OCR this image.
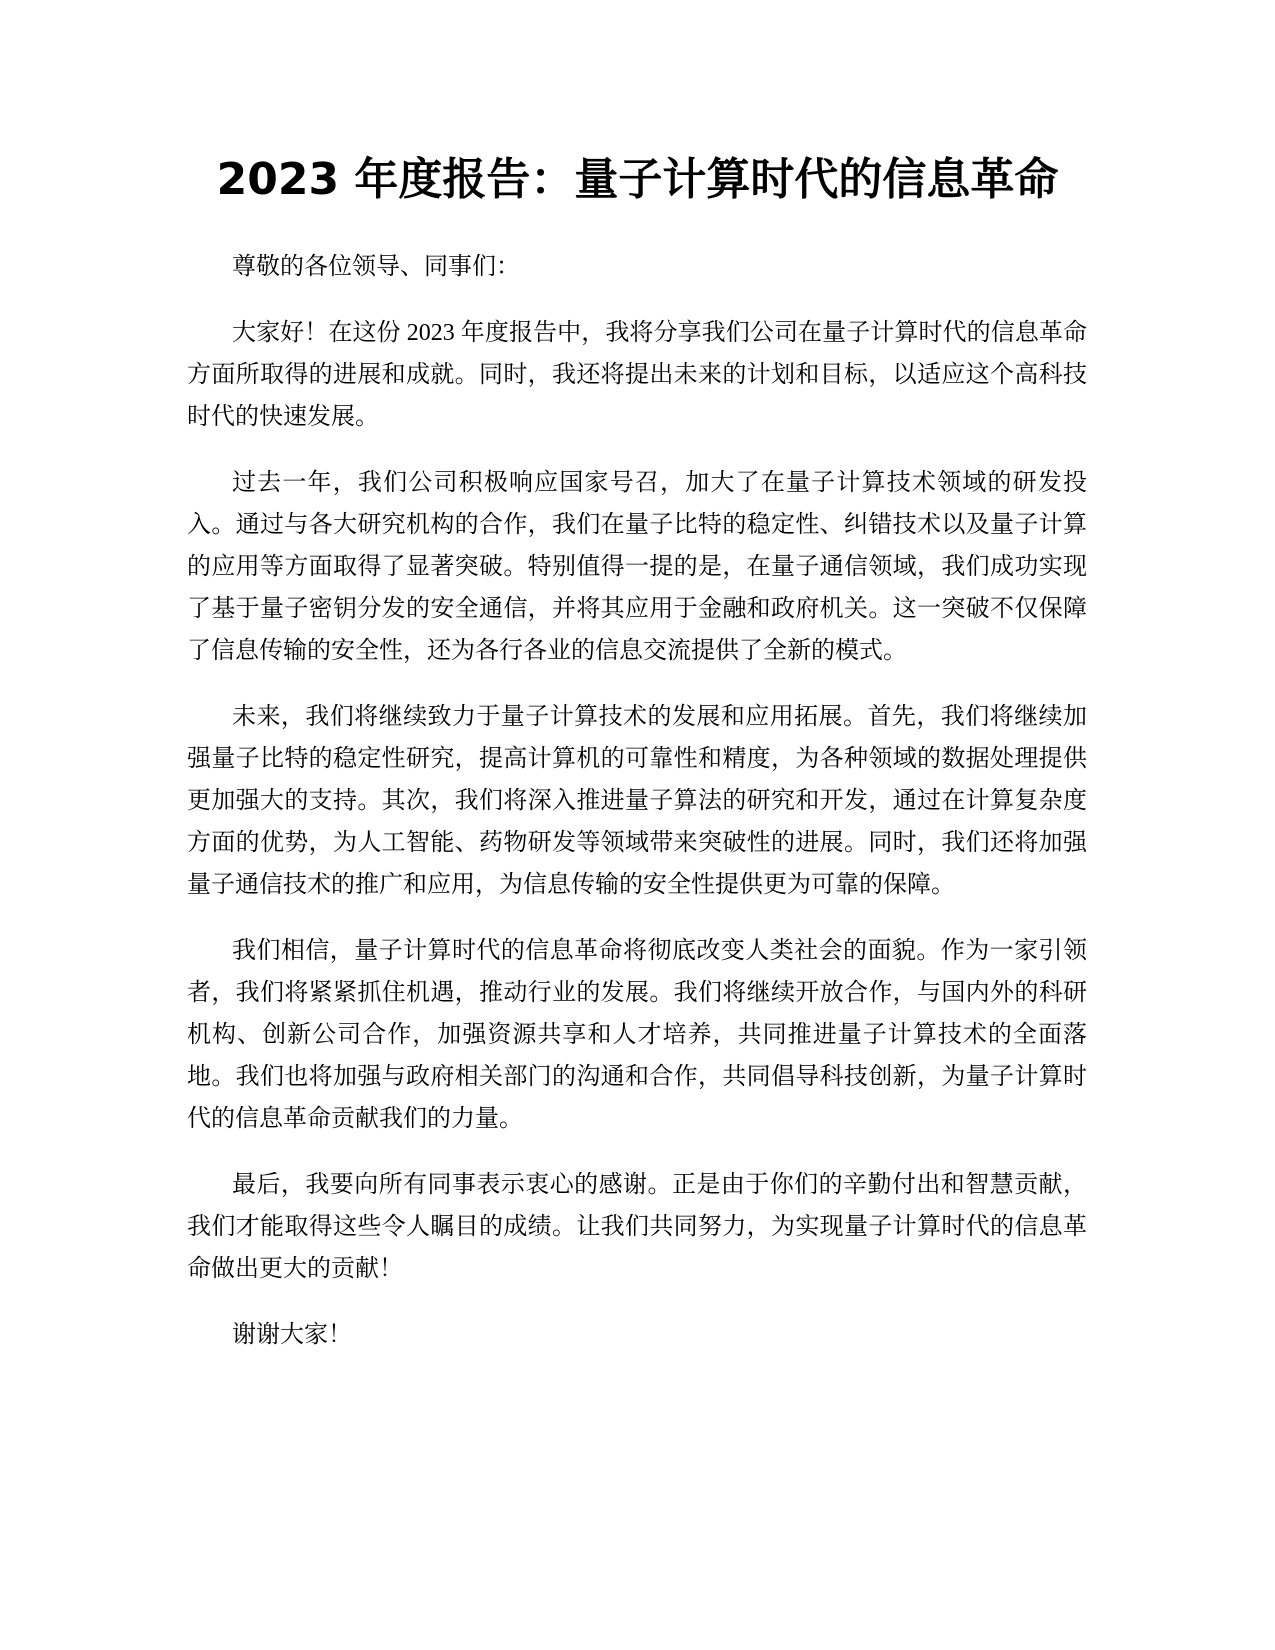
2023 年度报告：量子计算时代的信息革命

尊敬的各位领导、同事们：

大家好！在这份 2023 年度报告中，我将分享我们公司在量子计算时代的信息革命方面所取得的进展和成就。同时，我还将提出未来的计划和目标，以适应这个高科技时代的快速发展。

过去一年，我们公司积极响应国家号召，加大了在量子计算技术领域的研发投入。通过与各大研究机构的合作，我们在量子比特的稳定性、纠错技术以及量子计算的应用等方面取得了显著突破。特别值得一提的是，在量子通信领域，我们成功实现了基于量子密钥分发的安全通信，并将其应用于金融和政府机关。这一突破不仅保障了信息传输的安全性，还为各行各业的信息交流提供了全新的模式。

未来，我们将继续致力于量子计算技术的发展和应用拓展。首先，我们将继续加强量子比特的稳定性研究，提高计算机的可靠性和精度，为各种领域的数据处理提供更加强大的支持。其次，我们将深入推进量子算法的研究和开发，通过在计算复杂度方面的优势，为人工智能、药物研发等领域带来突破性的进展。同时，我们还将加强量子通信技术的推广和应用，为信息传输的安全性提供更为可靠的保障。

我们相信，量子计算时代的信息革命将彻底改变人类社会的面貌。作为一家引领者，我们将紧紧抓住机遇，推动行业的发展。我们将继续开放合作，与国内外的科研机构、创新公司合作，加强资源共享和人才培养，共同推进量子计算技术的全面落地。我们也将加强与政府相关部门的沟通和合作，共同倡导科技创新，为量子计算时代的信息革命贡献我们的力量。

最后，我要向所有同事表示衷心的感谢。正是由于你们的辛勤付出和智慧贡献，我们才能取得这些令人瞩目的成绩。让我们共同努力，为实现量子计算时代的信息革命做出更大的贡献！

谢谢大家！
